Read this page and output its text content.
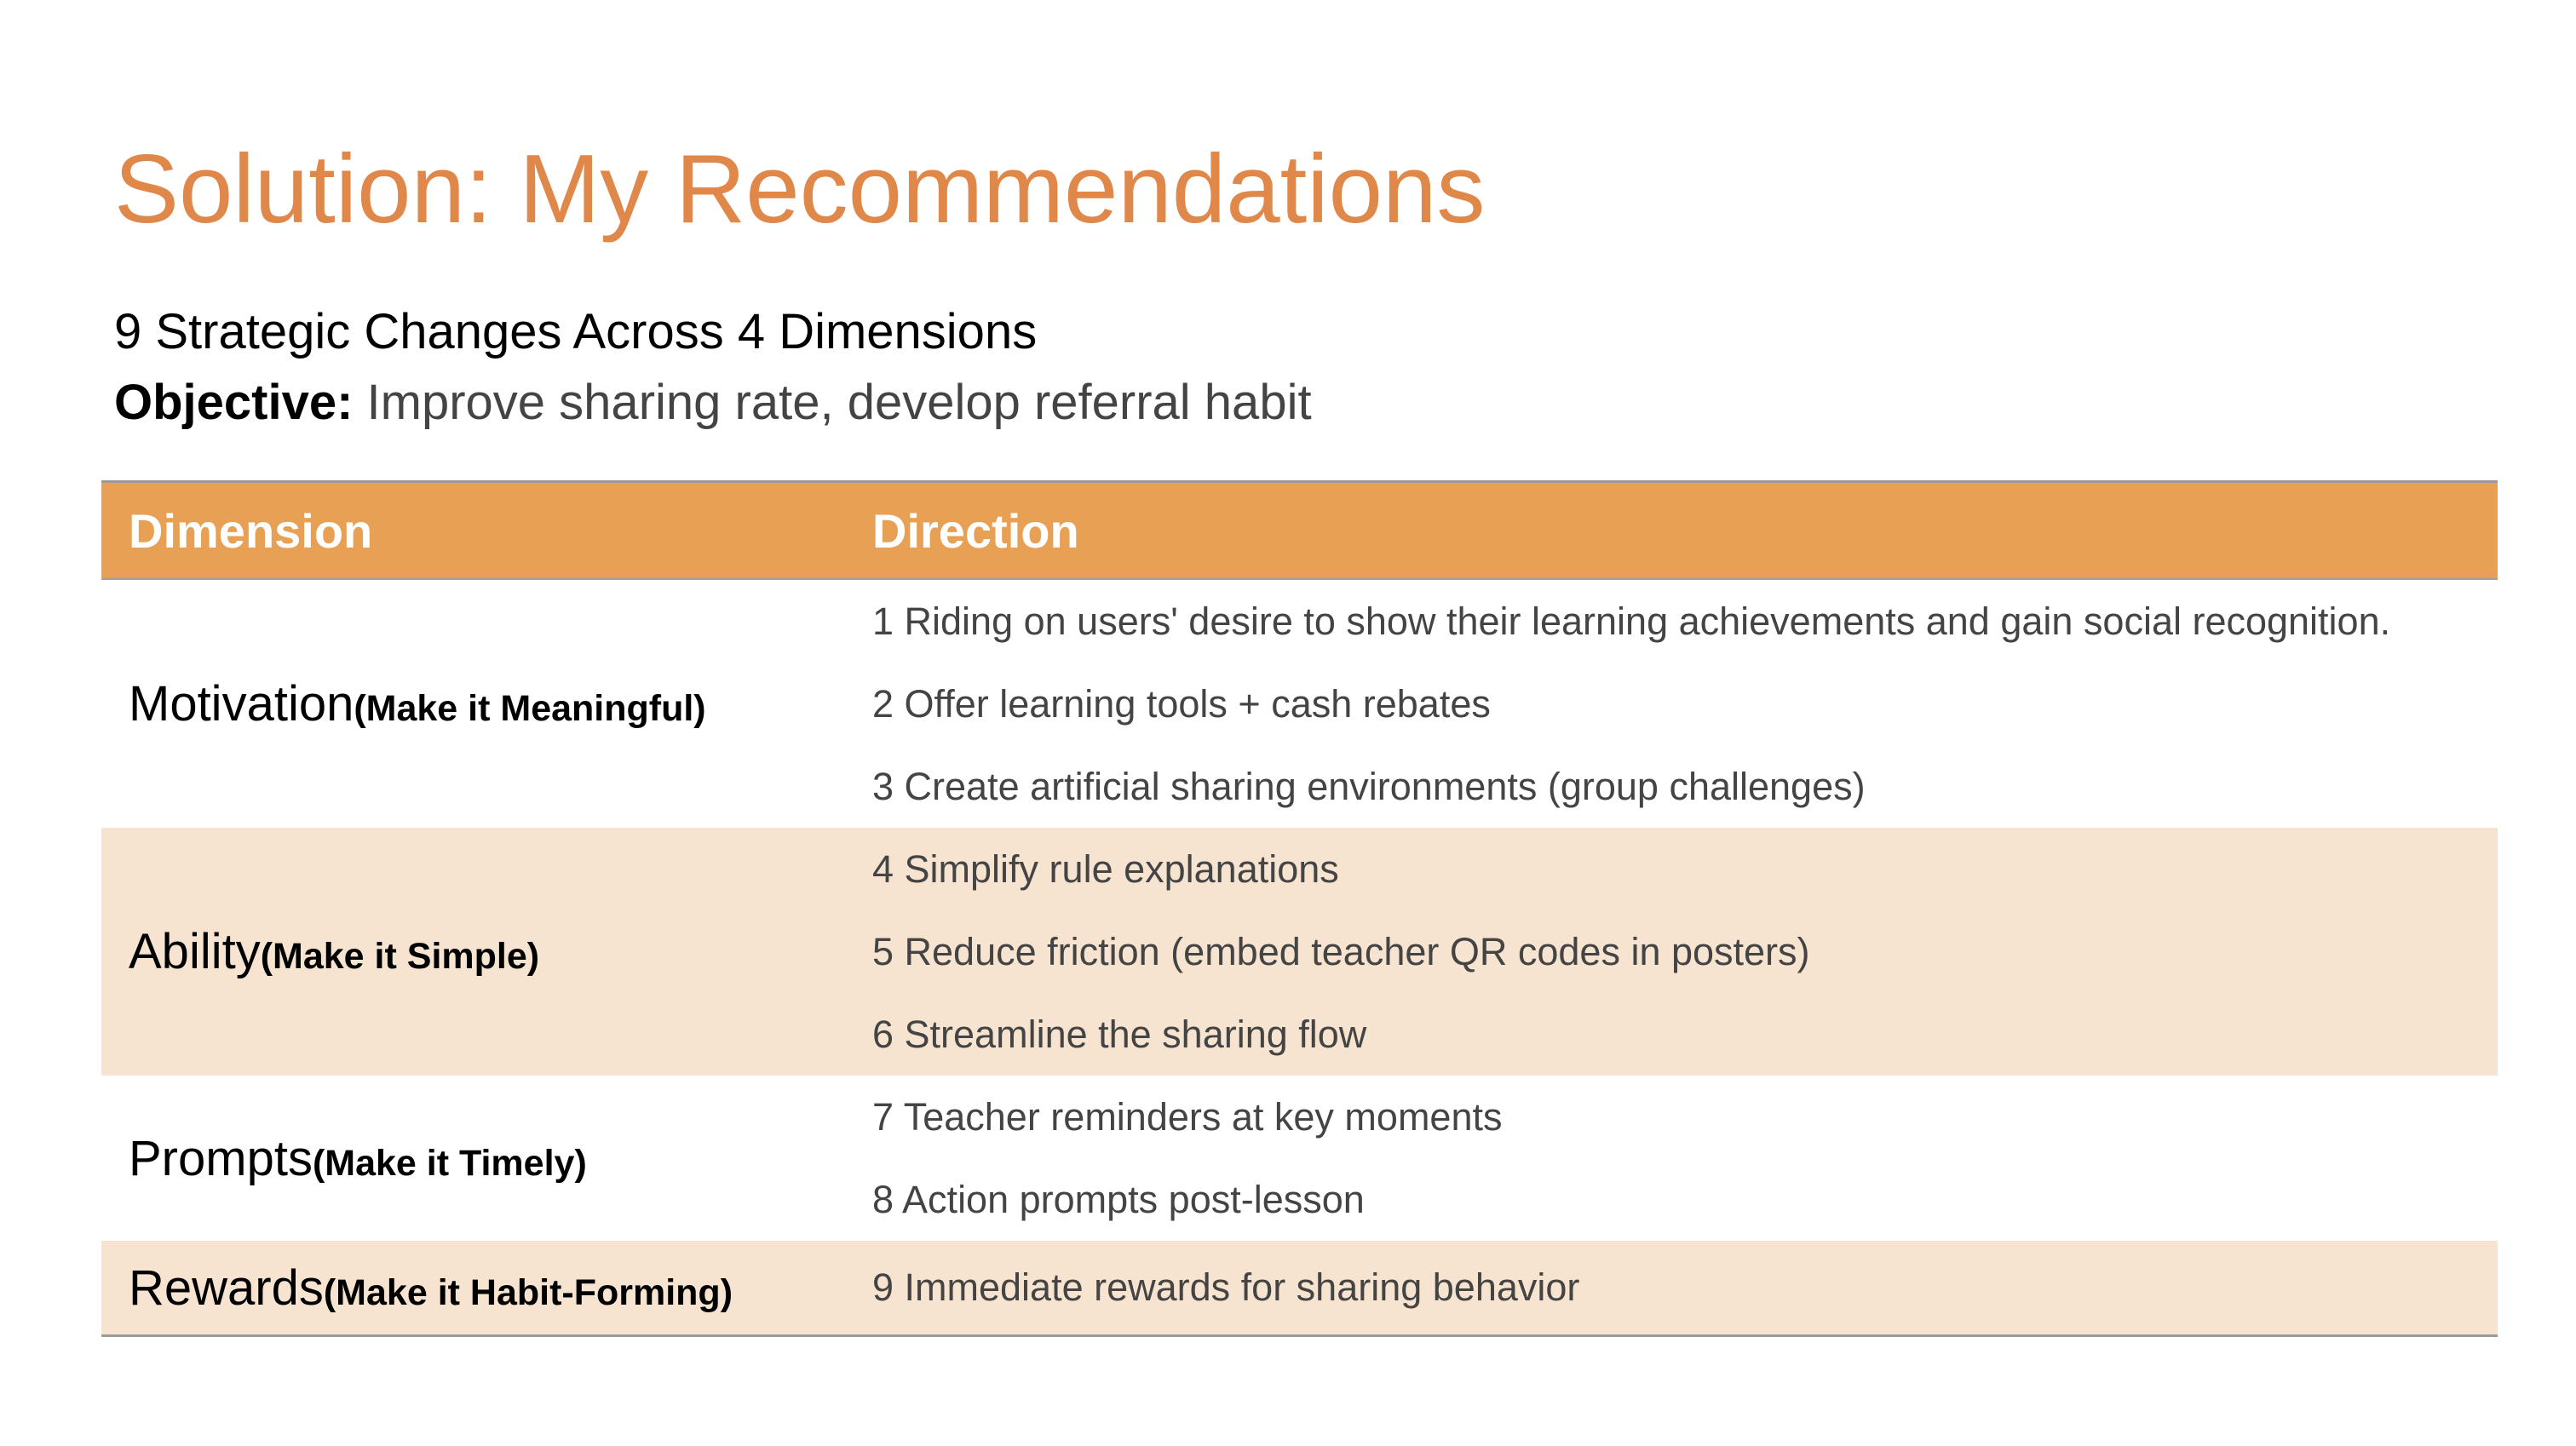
Solution: My Recommendations
9 Strategic Changes Across 4 Dimensions
Objective: Improve sharing rate, develop referral habit
Dimension	Direction
Motivation(Make it Meaningful)
1 Riding on users' desire to show their learning achievements and gain social recognition.
2 Offer learning tools + cash rebates
3 Create artificial sharing environments (group challenges)
Ability(Make it Simple)
4 Simplify rule explanations
5 Reduce friction (embed teacher QR codes in posters)
6 Streamline the sharing flow
Prompts(Make it Timely)
7 Teacher reminders at key moments
8 Action prompts post-lesson
Rewards(Make it Habit-Forming)	9 Immediate rewards for sharing behavior
